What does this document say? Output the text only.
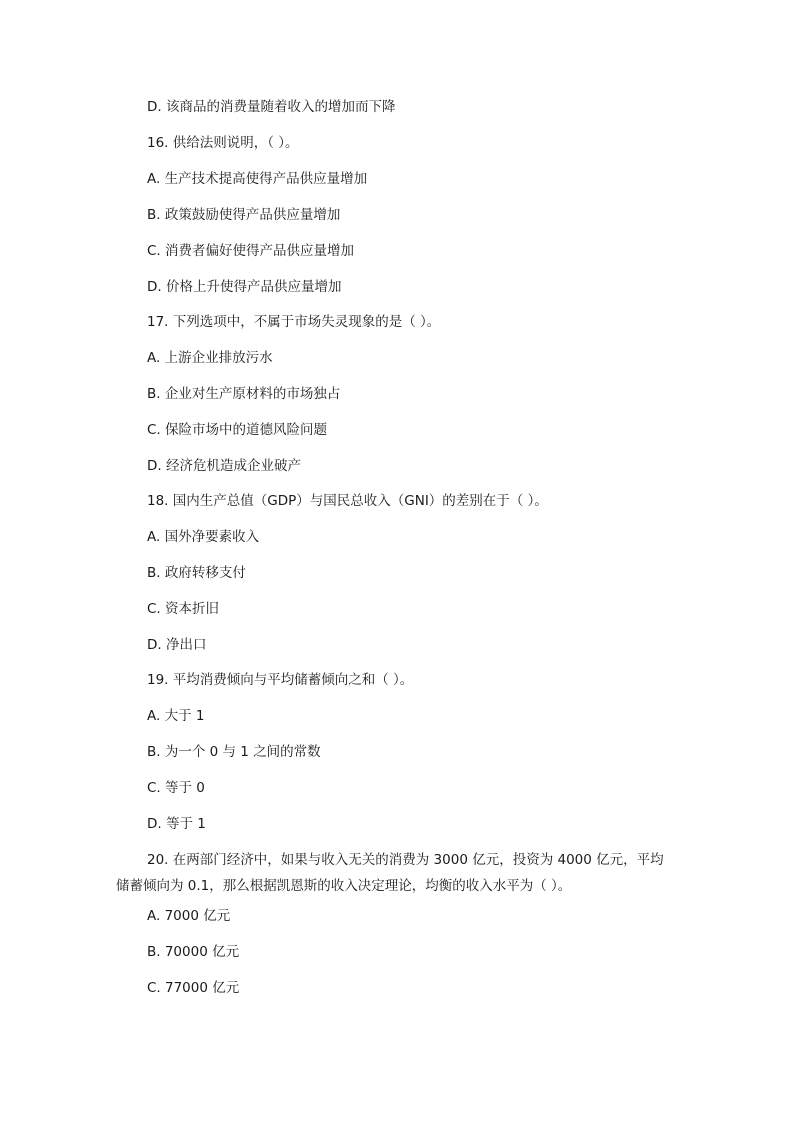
D. 该商品的消费量随着收入的增加而下降
16. 供给法则说明，（ ）。
A. 生产技术提高使得产品供应量增加
B. 政策鼓励使得产品供应量增加
C. 消费者偏好使得产品供应量增加
D. 价格上升使得产品供应量增加
17. 下列选项中，不属于市场失灵现象的是（ ）。
A. 上游企业排放污水
B. 企业对生产原材料的市场独占
C. 保险市场中的道德风险问题
D. 经济危机造成企业破产
18. 国内生产总值（GDP）与国民总收入（GNI）的差别在于（ ）。
A. 国外净要素收入
B. 政府转移支付
C. 资本折旧
D. 净出口
19. 平均消费倾向与平均储蓄倾向之和（ ）。
A. 大于 1
B. 为一个 0 与 1 之间的常数
C. 等于 0
D. 等于 1
20. 在两部门经济中，如果与收入无关的消费为 3000 亿元，投资为 4000 亿元，平均储蓄倾向为 0.1，那么根据凯恩斯的收入决定理论，均衡的收入水平为（ ）。
A. 7000 亿元
B. 70000 亿元
C. 77000 亿元
